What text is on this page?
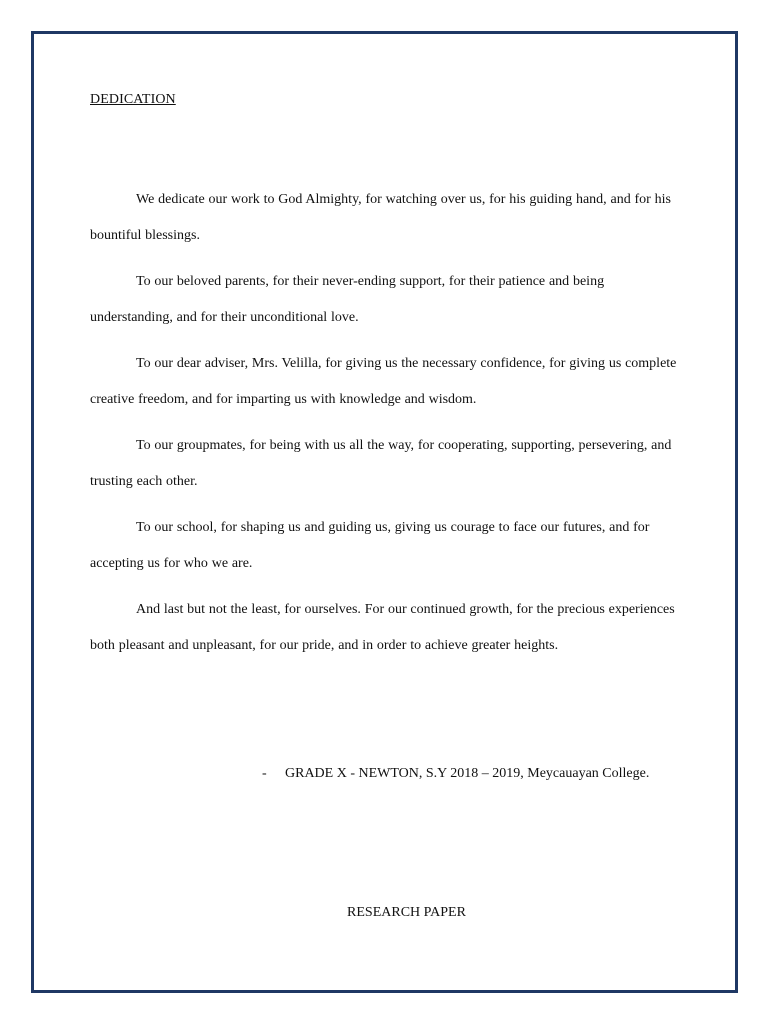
DEDICATION

We dedicate our work to God Almighty, for watching over us, for his guiding hand, and for his bountiful blessings.

To our beloved parents, for their never-ending support, for their patience and being understanding, and for their unconditional love.

To our dear adviser, Mrs. Velilla, for giving us the necessary confidence, for giving us complete creative freedom, and for imparting us with knowledge and wisdom.

To our groupmates, for being with us all the way, for cooperating, supporting, persevering, and trusting each other.

To our school, for shaping us and guiding us, giving us courage to face our futures, and for accepting us for who we are.

And last but not the least, for ourselves. For our continued growth, for the precious experiences both pleasant and unpleasant, for our pride, and in order to achieve greater heights.

- GRADE X - NEWTON, S.Y 2018 – 2019, Meycauayan College.
RESEARCH PAPER
